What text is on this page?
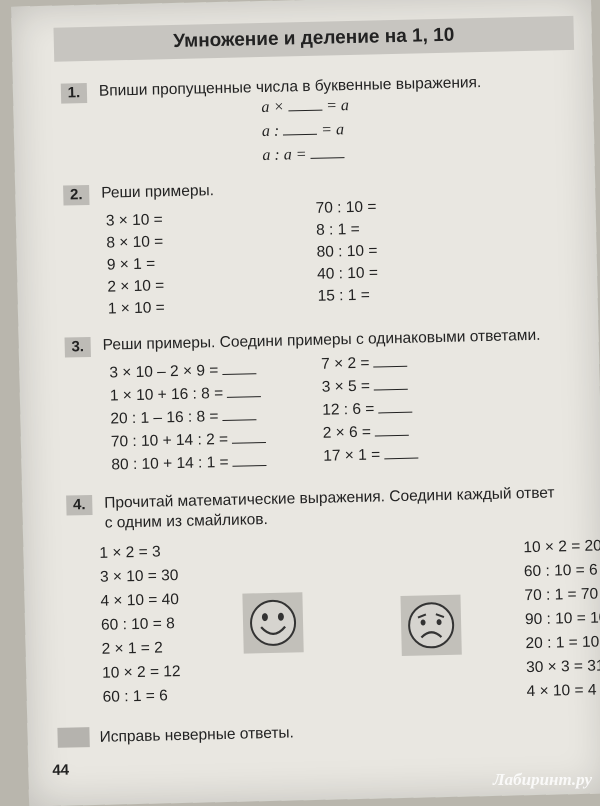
Умножение и деление на 1, 10
1.	Впиши пропущенные числа в буквенные выражения.
a ×	= a
a :	= a
a : a =
2.	Реши примеры.
3 × 10 =
8 × 10 =
9 × 1 =
2 × 10 =
1 × 10 =
70 : 10 =
8 : 1 =
80 : 10 =
40 : 10 =
15 : 1 =
3.	Реши примеры. Соедини примеры с одинаковыми ответами.
3 × 10 – 2 × 9 =
1 × 10 + 16 : 8 =
20 : 1 – 16 : 8 =
70 : 10 + 14 : 2 =
80 : 10 + 14 : 1 =
7 × 2 =
3 × 5 =
12 : 6 =
2 × 6 =
17 × 1 =
4.	Прочитай математические выражения. Соедини каждый ответ
с одним из смайликов.
1 × 2 = 3
3 × 10 = 30
4 × 10 = 40
60 : 10 = 8
2 × 1 = 2
10 × 2 = 12
60 : 1 = 6
10 × 2 = 20
60 : 10 = 6
70 : 1 = 70
90 : 10 = 10
20 : 1 = 10
30 × 3 = 31
4 × 10 = 4
Исправь неверные ответы.
44
Лабиринт.ру
